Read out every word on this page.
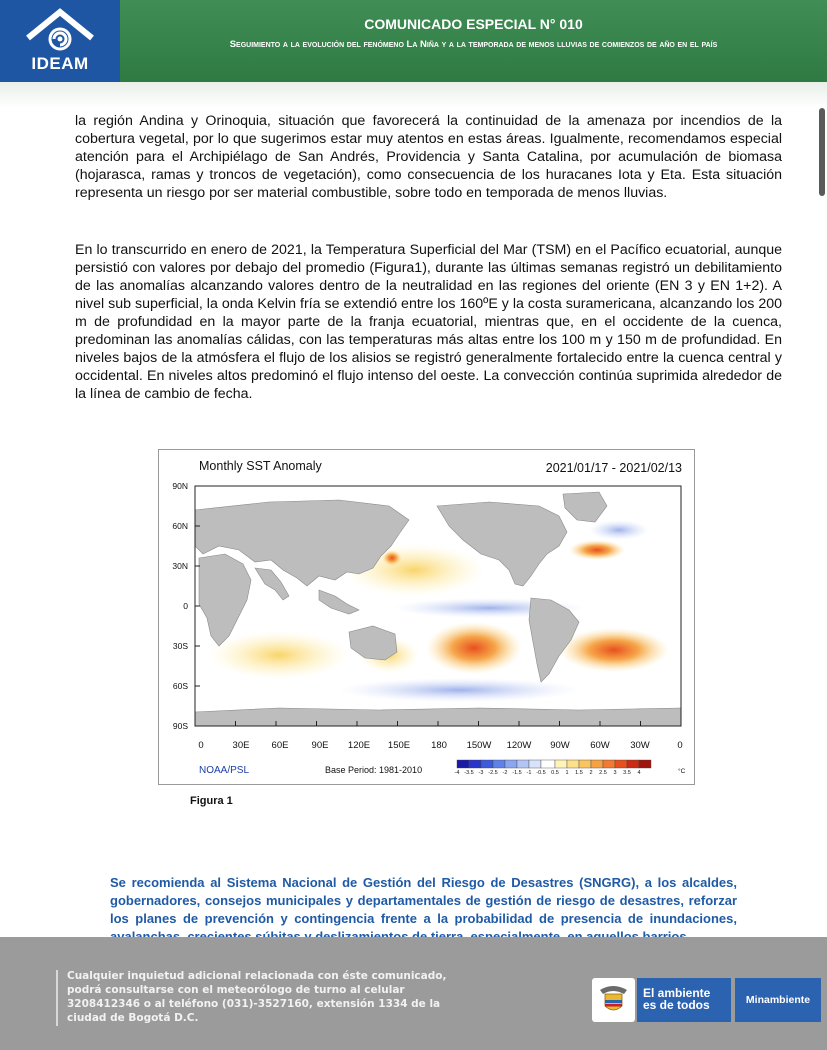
IDEAM
COMUNICADO ESPECIAL N° 010
Seguimiento a la evolución del fenómeno La Niña y a la temporada de menos lluvias de comienzos de año en el país

la región Andina y Orinoquia, situación que favorecerá la continuidad de la amenaza por incendios de la cobertura vegetal, por lo que sugerimos estar muy atentos en estas áreas. Igualmente, recomendamos especial atención para el Archipiélago de San Andrés, Providencia y Santa Catalina, por acumulación de biomasa (hojarasca, ramas y troncos de vegetación), como consecuencia de los huracanes Iota y Eta. Esta situación representa un riesgo por ser material combustible, sobre todo en temporada de menos lluvias.

En lo transcurrido en enero de 2021, la Temperatura Superficial del Mar (TSM) en el Pacífico ecuatorial, aunque persistió con valores por debajo del promedio (Figura1), durante las últimas semanas registró un debilitamiento de las anomalías alcanzando valores dentro de la neutralidad en las regiones del oriente (EN 3 y EN 1+2). A nivel sub superficial, la onda Kelvin fría se extendió entre los 160ºE y la costa suramericana, alcanzando los 200 m de profundidad en la mayor parte de la franja ecuatorial, mientras que, en el occidente de la cuenca, predominan las anomalías cálidas, con las temperaturas más altas entre los 100 m y 150 m de profundidad. En niveles bajos de la atmósfera el flujo de los alisios se registró generalmente fortalecido entre la cuenca central y occidental. En niveles altos predominó el flujo intenso del oeste. La convección continúa suprimida alrededor de la línea de cambio de fecha.

Monthly SST Anomaly	2021/01/17 - 2021/02/13
90N
60N
30N
0
30S
60S
90S
0	30E 60E 90E 120E 150E 180 150W 120W 90W 60W 30W	0
NOAA/PSL	Base Period: 1981-2010	-4 -3.5 -3 -2.5 -2 -1.5 -1 -0.5 0.5 1 1.5 2 2.5 3 3.5 4	°C
Figura 1

Se recomienda al Sistema Nacional de Gestión del Riesgo de Desastres (SNGRG), a los alcaldes, gobernadores, consejos municipales y departamentales de gestión de riesgo de desastres, reforzar los planes de prevención y contingencia frente a la probabilidad de presencia de inundaciones,

Cualquier inquietud adicional relacionada con éste comunicado, podrá consultarse con el meteorólogo de turno al celular 3208412346 o al teléfono (031)-3527160, extensión 1334 de la ciudad de Bogotá D.C.
El ambiente es de todos	Minambiente
